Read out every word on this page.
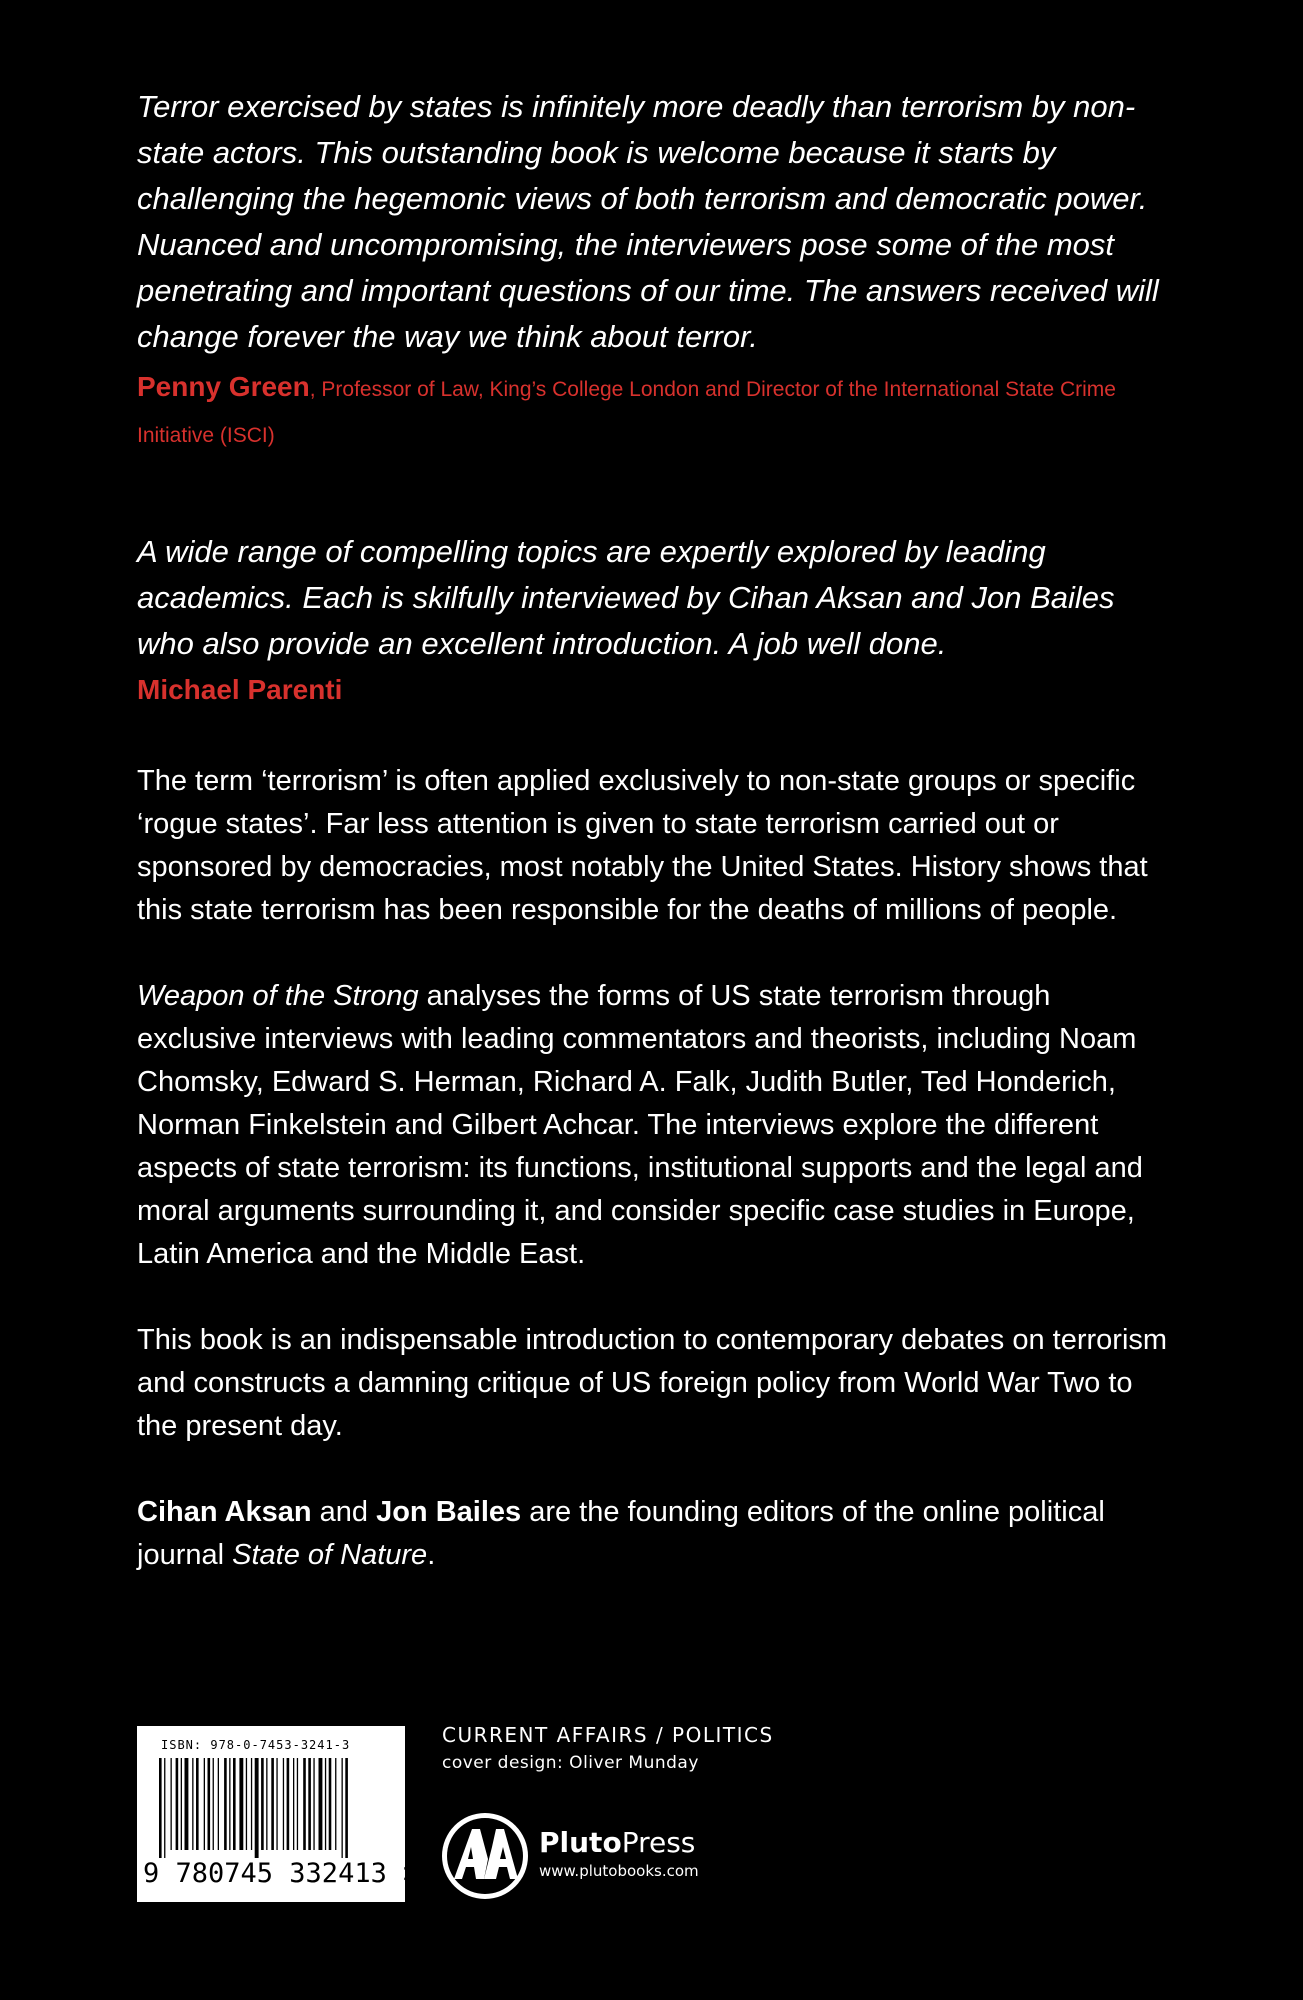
Terror exercised by states is infinitely more deadly than terrorism by non-state actors. This outstanding book is welcome because it starts by challenging the hegemonic views of both terrorism and democratic power. Nuanced and uncompromising, the interviewers pose some of the most penetrating and important questions of our time. The answers received will change forever the way we think about terror.

Penny Green, Professor of Law, King’s College London and Director of the International State Crime Initiative (ISCI)

A wide range of compelling topics are expertly explored by leading academics. Each is skilfully interviewed by Cihan Aksan and Jon Bailes who also provide an excellent introduction. A job well done.

Michael Parenti

The term ‘terrorism’ is often applied exclusively to non-state groups or specific ‘rogue states’. Far less attention is given to state terrorism carried out or sponsored by democracies, most notably the United States. History shows that this state terrorism has been responsible for the deaths of millions of people.

Weapon of the Strong analyses the forms of US state terrorism through exclusive interviews with leading commentators and theorists, including Noam Chomsky, Edward S. Herman, Richard A. Falk, Judith Butler, Ted Honderich, Norman Finkelstein and Gilbert Achcar. The interviews explore the different aspects of state terrorism: its functions, institutional supports and the legal and moral arguments surrounding it, and consider specific case studies in Europe, Latin America and the Middle East.

This book is an indispensable introduction to contemporary debates on terrorism and constructs a damning critique of US foreign policy from World War Two to the present day.

Cihan Aksan and Jon Bailes are the founding editors of the online political journal State of Nature.

ISBN: 978-0-7453-3241-3
9 780745 332413 >
CURRENT AFFAIRS / POLITICS
cover design: Oliver Munday
PlutoPress
www.plutobooks.com
